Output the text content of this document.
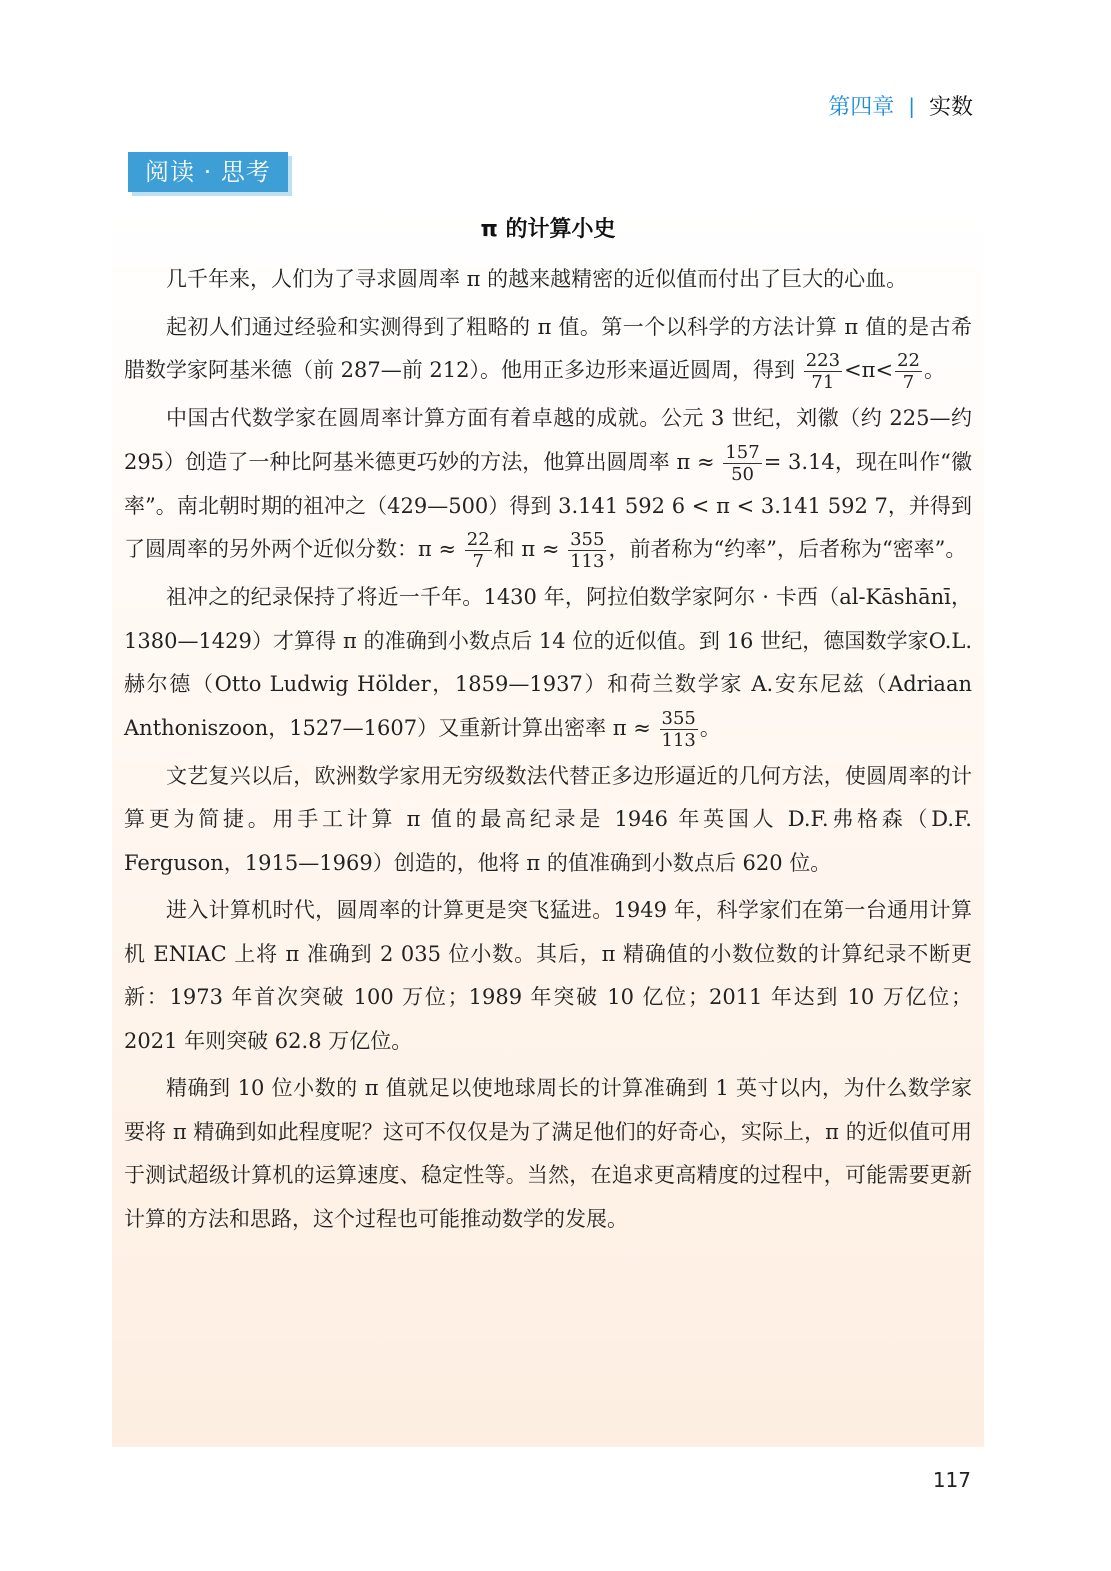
第四章 | 实数
阅读 · 思考
π 的计算小史

几千年来，人们为了寻求圆周率 π 的越来越精密的近似值而付出了巨大的心血。

起初人们通过经验和实测得到了粗略的 π 值。第一个以科学的方法计算 π 值的是古希腊数学家阿基米德（前 287—前 212）。他用正多边形来逼近圆周，得到 $\frac{223}{71} <\pi< \frac{22}{7}$ 。

中国古代数学家在圆周率计算方面有着卓越的成就。公元 3 世纪，刘徽（约 225—约295）创造了一种比阿基米德更巧妙的方法，他算出圆周率 $\pi \approx \frac{157}{50} = 3.14$，现在叫作“徽率”。南北朝时期的祖冲之（429—500）得到 3.141 592 6 < π < 3.141 592 7，并得到了圆周率的另外两个近似分数：$\pi \approx \frac{22}{7}$ 和 $\pi \approx \frac{355}{113}$ ，前者称为“约率”，后者称为“密率”。

祖冲之的纪录保持了将近一千年。1430 年，阿拉伯数学家阿尔 · 卡西（al-Kāshānī，1380—1429）才算得 π 的准确到小数点后 14 位的近似值。到 16 世纪，德国数学家O.L.赫尔德（Otto Ludwig Hölder，1859—1937）和荷兰数学家 A.安东尼兹（Adriaan Anthoniszoon，1527—1607）又重新计算出密率 $\pi \approx \frac{355}{113}$ 。

文艺复兴以后，欧洲数学家用无穷级数法代替正多边形逼近的几何方法，使圆周率的计算更为简捷。用手工计算 π 值的最高纪录是 1946 年英国人 D.F.弗格森（D.F. Ferguson，1915—1969）创造的，他将 π 的值准确到小数点后 620 位。

进入计算机时代，圆周率的计算更是突飞猛进。1949 年，科学家们在第一台通用计算机 ENIAC 上将 π 准确到 2 035 位小数。其后，π 精确值的小数位数的计算纪录不断更新：1973 年首次突破 100 万位；1989 年突破 10 亿位；2011 年达到 10 万亿位；2021 年则突破 62.8 万亿位。

精确到 10 位小数的 π 值就足以使地球周长的计算准确到 1 英寸以内，为什么数学家要将 π 精确到如此程度呢？这可不仅仅是为了满足他们的好奇心，实际上，π 的近似值可用于测试超级计算机的运算速度、稳定性等。当然，在追求更高精度的过程中，可能需要更新计算的方法和思路，这个过程也可能推动数学的发展。

117
